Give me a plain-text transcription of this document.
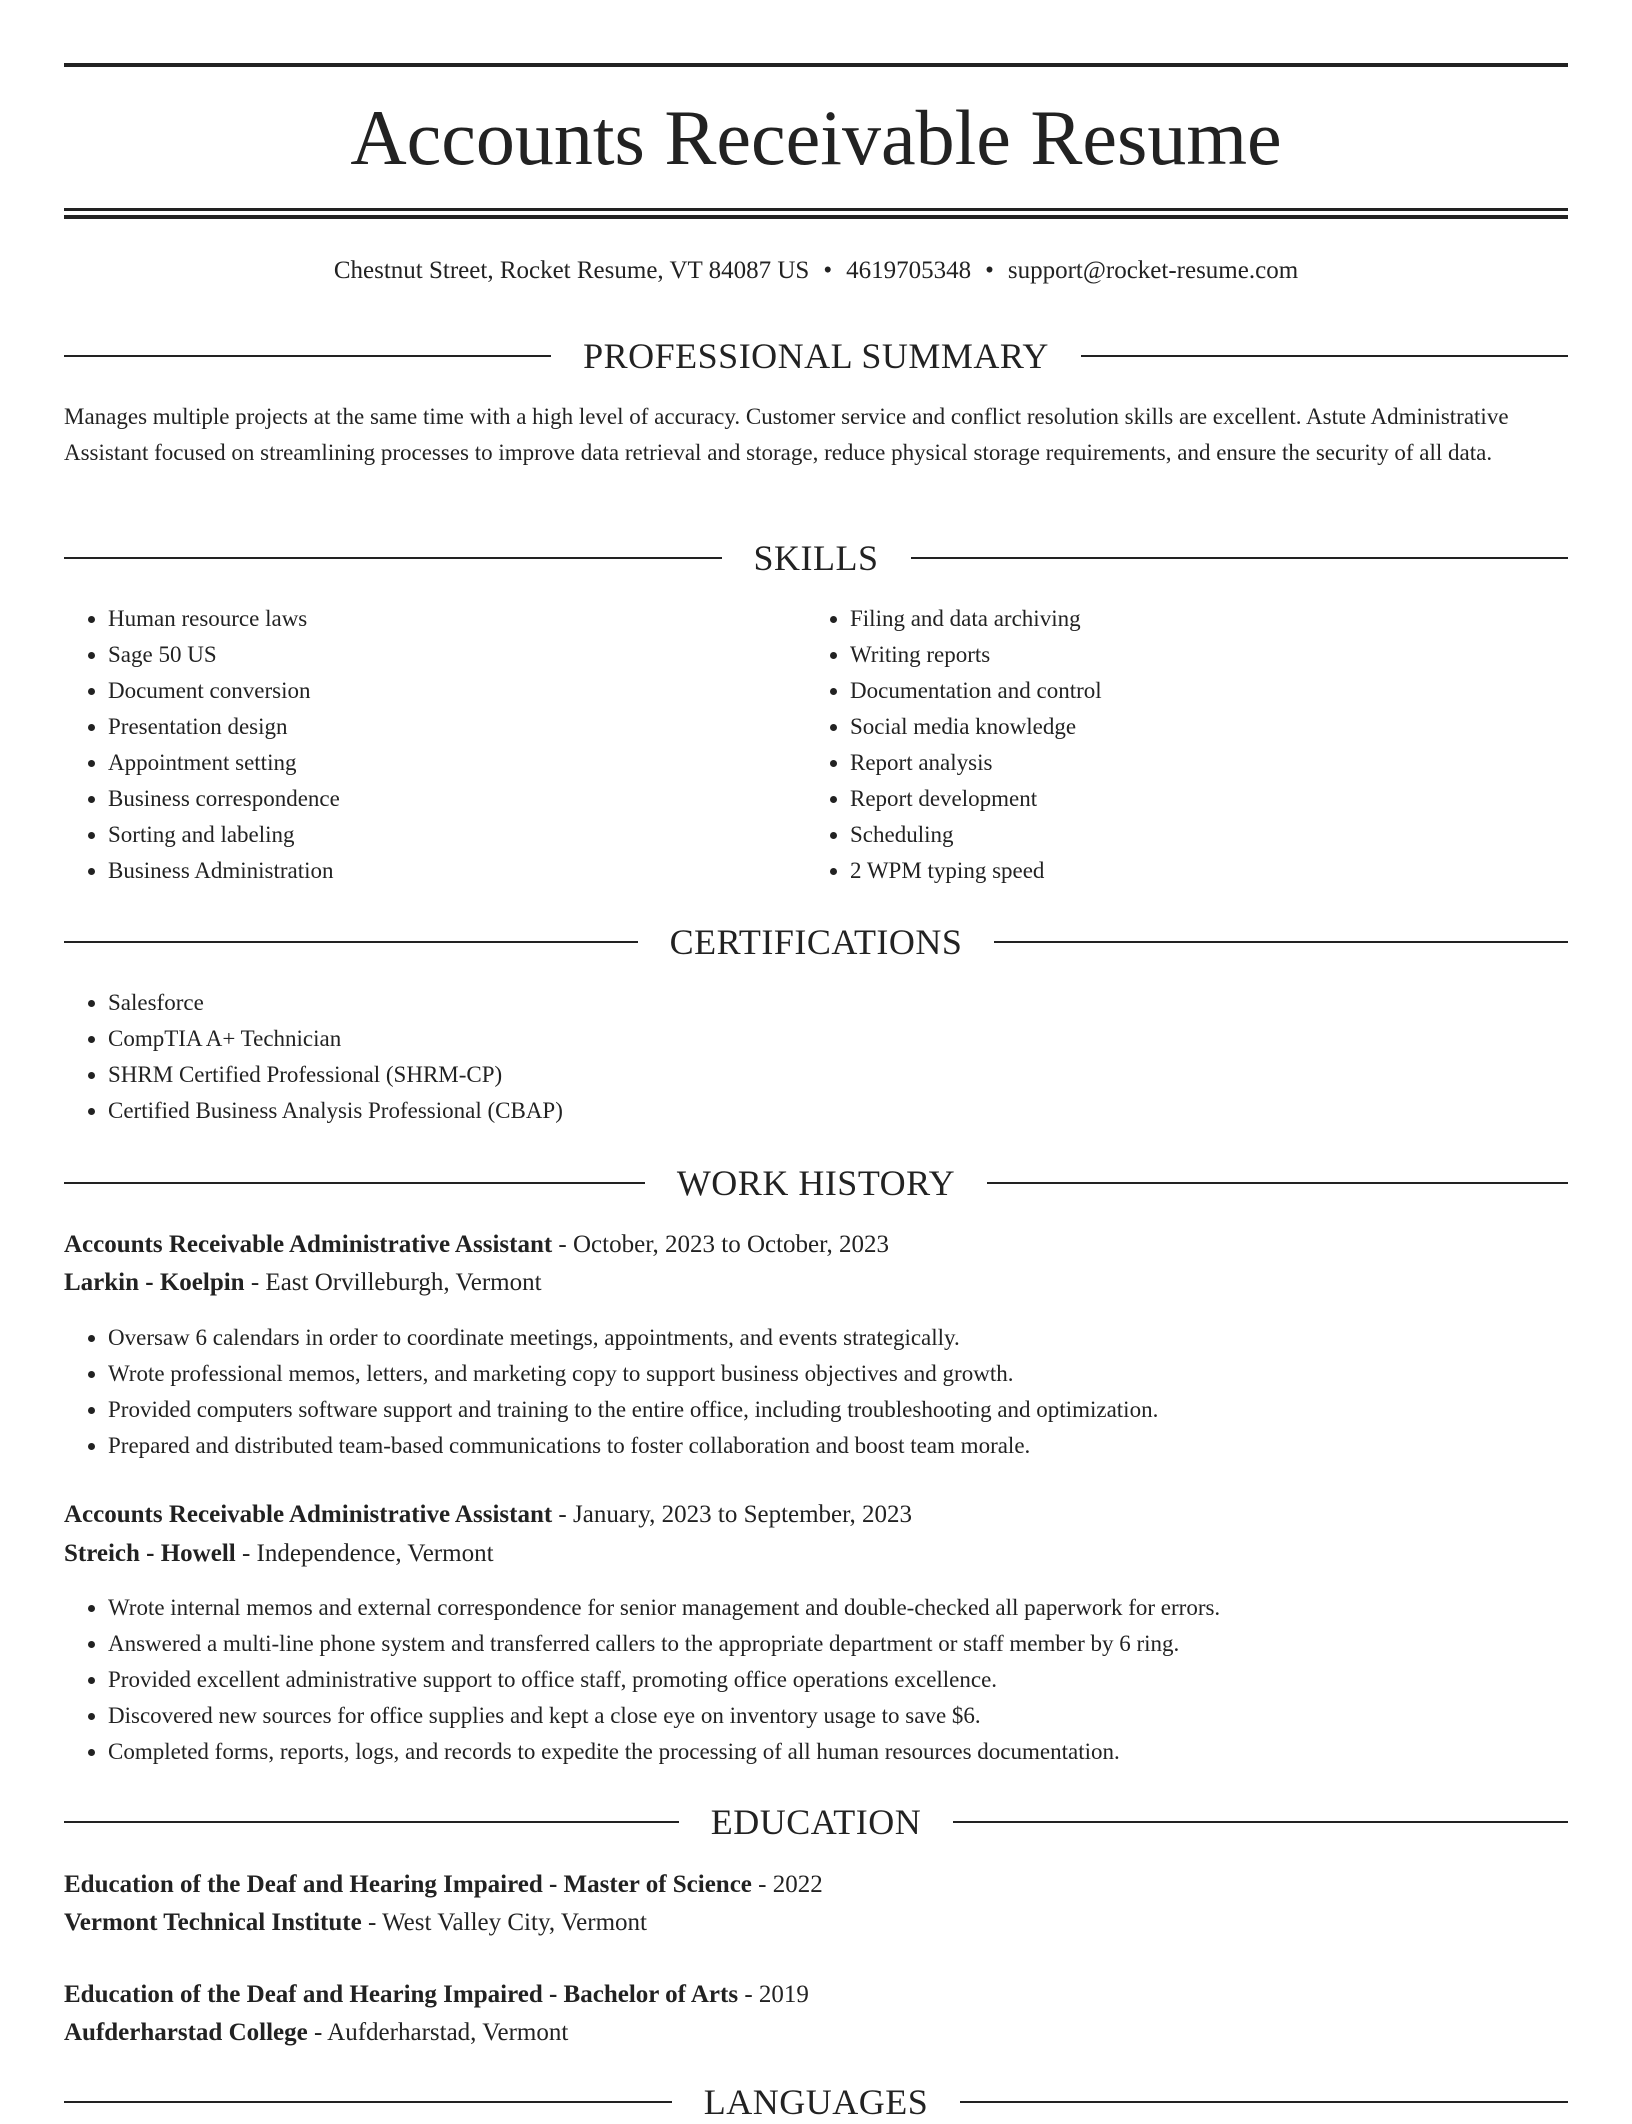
Accounts Receivable Resume
Chestnut Street, Rocket Resume, VT 84087 US • 4619705348 • support@rocket-resume.com
PROFESSIONAL SUMMARY
Manages multiple projects at the same time with a high level of accuracy. Customer service and conflict resolution skills are excellent. Astute Administrative Assistant focused on streamlining processes to improve data retrieval and storage, reduce physical storage requirements, and ensure the security of all data.
SKILLS
• Human resource laws
• Sage 50 US
• Document conversion
• Presentation design
• Appointment setting
• Business correspondence
• Sorting and labeling
• Business Administration
• Filing and data archiving
• Writing reports
• Documentation and control
• Social media knowledge
• Report analysis
• Report development
• Scheduling
• 2 WPM typing speed
CERTIFICATIONS
• Salesforce
• CompTIA A+ Technician
• SHRM Certified Professional (SHRM-CP)
• Certified Business Analysis Professional (CBAP)
WORK HISTORY
Accounts Receivable Administrative Assistant - October, 2023 to October, 2023
Larkin - Koelpin - East Orvilleburgh, Vermont
• Oversaw 6 calendars in order to coordinate meetings, appointments, and events strategically.
• Wrote professional memos, letters, and marketing copy to support business objectives and growth.
• Provided computers software support and training to the entire office, including troubleshooting and optimization.
• Prepared and distributed team-based communications to foster collaboration and boost team morale.
Accounts Receivable Administrative Assistant - January, 2023 to September, 2023
Streich - Howell - Independence, Vermont
• Wrote internal memos and external correspondence for senior management and double-checked all paperwork for errors.
• Answered a multi-line phone system and transferred callers to the appropriate department or staff member by 6 ring.
• Provided excellent administrative support to office staff, promoting office operations excellence.
• Discovered new sources for office supplies and kept a close eye on inventory usage to save $6.
• Completed forms, reports, logs, and records to expedite the processing of all human resources documentation.
EDUCATION
Education of the Deaf and Hearing Impaired - Master of Science - 2022
Vermont Technical Institute - West Valley City, Vermont
Education of the Deaf and Hearing Impaired - Bachelor of Arts - 2019
Aufderharstad College - Aufderharstad, Vermont
LANGUAGES
